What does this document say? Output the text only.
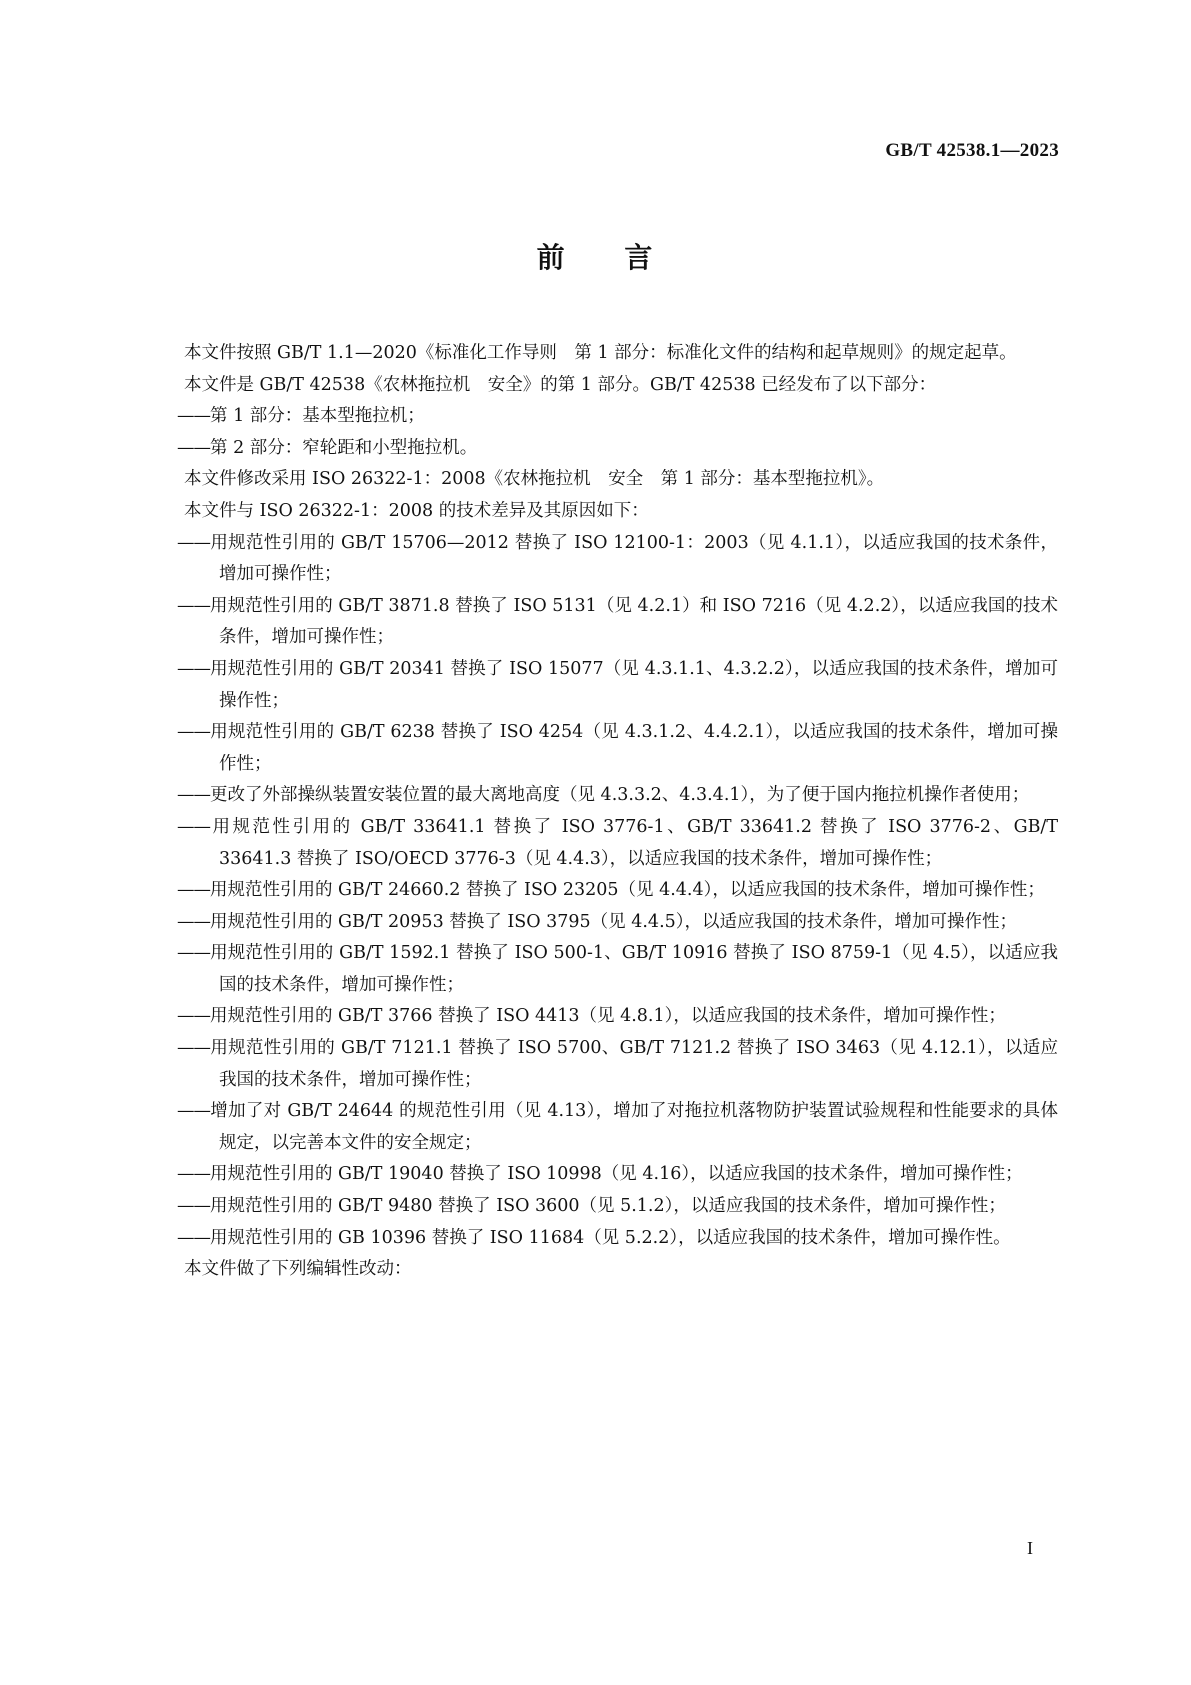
GB/T 42538.1—2023
前 言

本文件按照 GB/T 1.1—2020《标准化工作导则　第 1 部分：标准化文件的结构和起草规则》的规定起草。

本文件是 GB/T 42538《农林拖拉机　安全》的第 1 部分。GB/T 42538 已经发布了以下部分：

——第 1 部分：基本型拖拉机；

——第 2 部分：窄轮距和小型拖拉机。

本文件修改采用 ISO 26322-1：2008《农林拖拉机　安全　第 1 部分：基本型拖拉机》。

本文件与 ISO 26322-1：2008 的技术差异及其原因如下：

——用规范性引用的 GB/T 15706—2012 替换了 ISO 12100-1：2003（见 4.1.1），以适应我国的技术条件，增加可操作性；

——用规范性引用的 GB/T 3871.8 替换了 ISO 5131（见 4.2.1）和 ISO 7216（见 4.2.2），以适应我国的技术条件，增加可操作性；

——用规范性引用的 GB/T 20341 替换了 ISO 15077（见 4.3.1.1、4.3.2.2），以适应我国的技术条件，增加可操作性；

——用规范性引用的 GB/T 6238 替换了 ISO 4254（见 4.3.1.2、4.4.2.1），以适应我国的技术条件，增加可操作性；

——更改了外部操纵装置安装位置的最大离地高度（见 4.3.3.2、4.3.4.1），为了便于国内拖拉机操作者使用；

——用规范性引用的 GB/T 33641.1 替换了 ISO 3776-1、GB/T 33641.2 替换了 ISO 3776-2、GB/T 33641.3 替换了 ISO/OECD 3776-3（见 4.4.3），以适应我国的技术条件，增加可操作性；

——用规范性引用的 GB/T 24660.2 替换了 ISO 23205（见 4.4.4），以适应我国的技术条件，增加可操作性；

——用规范性引用的 GB/T 20953 替换了 ISO 3795（见 4.4.5），以适应我国的技术条件，增加可操作性；

——用规范性引用的 GB/T 1592.1 替换了 ISO 500-1、GB/T 10916 替换了 ISO 8759-1（见 4.5），以适应我国的技术条件，增加可操作性；

——用规范性引用的 GB/T 3766 替换了 ISO 4413（见 4.8.1），以适应我国的技术条件，增加可操作性；

——用规范性引用的 GB/T 7121.1 替换了 ISO 5700、GB/T 7121.2 替换了 ISO 3463（见 4.12.1），以适应我国的技术条件，增加可操作性；

——增加了对 GB/T 24644 的规范性引用（见 4.13），增加了对拖拉机落物防护装置试验规程和性能要求的具体规定，以完善本文件的安全规定；

——用规范性引用的 GB/T 19040 替换了 ISO 10998（见 4.16），以适应我国的技术条件，增加可操作性；

——用规范性引用的 GB/T 9480 替换了 ISO 3600（见 5.1.2），以适应我国的技术条件，增加可操作性；

——用规范性引用的 GB 10396 替换了 ISO 11684（见 5.2.2），以适应我国的技术条件，增加可操作性。

本文件做了下列编辑性改动：

I
